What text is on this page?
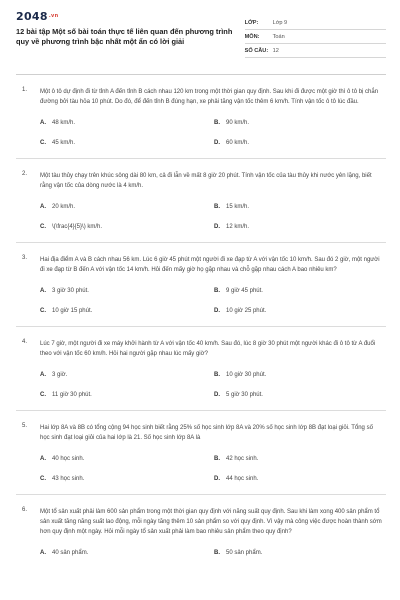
$2048^{.vn}$
12 bài tập Một số bài toán thực tế liên quan đến phương trình quy về phương trình bậc nhất một ẩn có lời giải
LỚP:	Lớp 9
MÔN:	Toán
SỐ CÂU: 12
1.	Một ô tô dự định đi từ tỉnh A đến tỉnh B cách nhau 120 km trong một thời gian quy định. Sau khi đi được một giờ thì ô tô bị chắn đường bởi tàu hỏa 10 phút. Do đó, để đến tỉnh B đúng hạn, xe phải tăng vận tốc thêm 6 km/h. Tính vận tốc ô tô lúc đầu.
A.	48 km/h.	B.	90 km/h.
C.	45 km/h.	D.	60 km/h.
2.	Một tàu thủy chạy trên khúc sông dài 80 km, cả đi lẫn về mất 8 giờ 20 phút. Tính vận tốc của tàu thủy khi nước yên lặng, biết rằng vận tốc của dòng nước là 4 km/h.
A.	20 km/h.	B.	15 km/h.
C.	\(\frac{4}{5}\) km/h.	D.	12 km/h.
3.	Hai địa điểm A và B cách nhau 56 km. Lúc 6 giờ 45 phút một người đi xe đạp từ A với vận tốc 10 km/h. Sau đó 2 giờ, một người đi xe đạp từ B đến A với vận tốc 14 km/h. Hỏi đến mấy giờ họ gặp nhau và chỗ gặp nhau cách A bao nhiêu km?
A.	3 giờ 30 phút.	B.	9 giờ 45 phút.
C.	10 giờ 15 phút.	D.	10 giờ 25 phút.
4.	Lúc 7 giờ, một người đi xe máy khởi hành từ A với vận tốc 40 km/h. Sau đó, lúc 8 giờ 30 phút một người khác đi ô tô từ A đuổi theo với vận tốc 60 km/h. Hỏi hai người gặp nhau lúc mấy giờ?
A.	3 giờ.	B.	10 giờ 30 phút.
C.	11 giờ 30 phút.	D.	5 giờ 30 phút.
5.	Hai lớp 8A và 8B có tổng cộng 94 học sinh biết rằng 25% số học sinh lớp 8A và 20% số học sinh lớp 8B đạt loại giỏi. Tổng số học sinh đạt loại giỏi của hai lớp là 21. Số học sinh lớp 8A là
A.	40 học sinh.	B.	42 học sinh.
C.	43 học sinh.	D.	44 học sinh.
6.	Một tổ sản xuất phải làm 600 sản phẩm trong một thời gian quy định với năng suất quy định. Sau khi làm xong 400 sản phẩm tổ sản xuất tăng năng suất lao động, mỗi ngày tăng thêm 10 sản phẩm so với quy định. Vì vậy mà công việc được hoàn thành sớm hơn quy định một ngày. Hỏi mỗi ngày tổ sản xuất phải làm bao nhiêu sản phẩm theo quy định?
A.	40 sản phẩm.	B.	50 sản phẩm.
